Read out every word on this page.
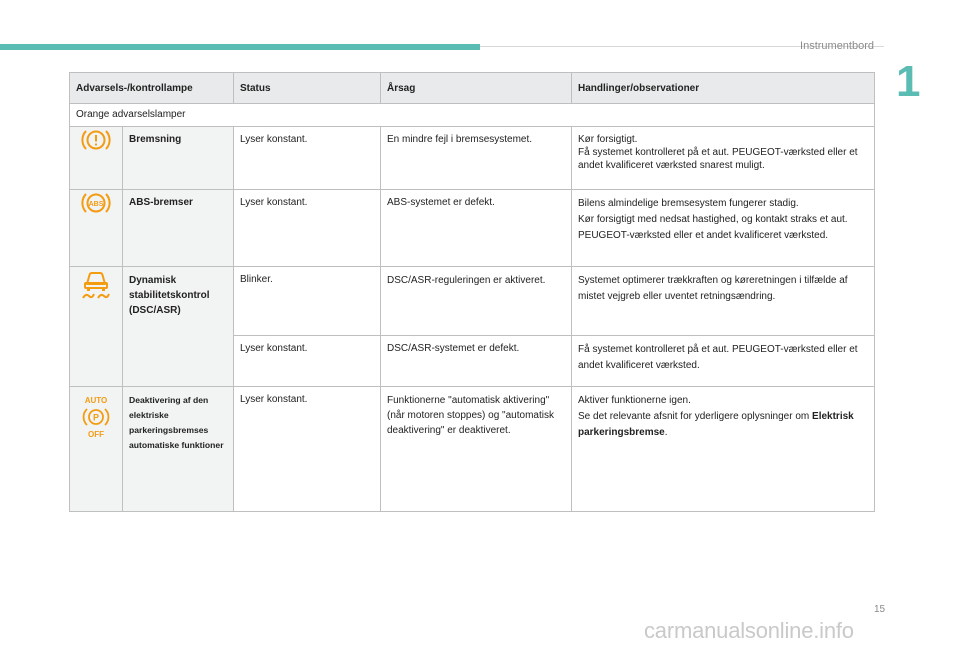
Instrumentbord
1
Advarsels-/kontrollampe		Status	Årsag	Handlinger/observationer
Orange advarselslamper				

	Bremsning	Lyser konstant.	En mindre fejl i bremsesystemet.	Kør forsigtigt.
Få systemet kontrolleret på et aut. PEUGEOT-værksted eller et andet kvalificeret værksted snarest muligt.

ABS	ABS-bremser	Lyser konstant.	ABS-systemet er defekt.	Bilens almindelige bremsesystem fungerer stadig.
Kør forsigtigt med nedsat hastighed, og kontakt straks et aut. PEUGEOT-værksted eller et andet kvalificeret værksted.

	Dynamisk stabilitetskontrol (DSC/ASR)	Blinker.	DSC/ASR-reguleringen er aktiveret.	Systemet optimerer trækkraften og køreretningen i tilfælde af mistet vejgreb eller uventet retningsændring.
		Lyser konstant.	DSC/ASR-systemet er defekt.	Få systemet kontrolleret på et aut. PEUGEOT-værksted eller et andet kvalificeret værksted.

AUTO
P
OFF	Deaktivering af den elektriske parkeringsbremses automatiske funktioner	Lyser konstant.	Funktionerne "automatisk aktivering" (når motoren stoppes) og "automatisk deaktivering" er deaktiveret.	Aktiver funktionerne igen.
Se det relevante afsnit for yderligere oplysninger om Elektrisk parkeringsbremse.
15
carmanualsonline.info
